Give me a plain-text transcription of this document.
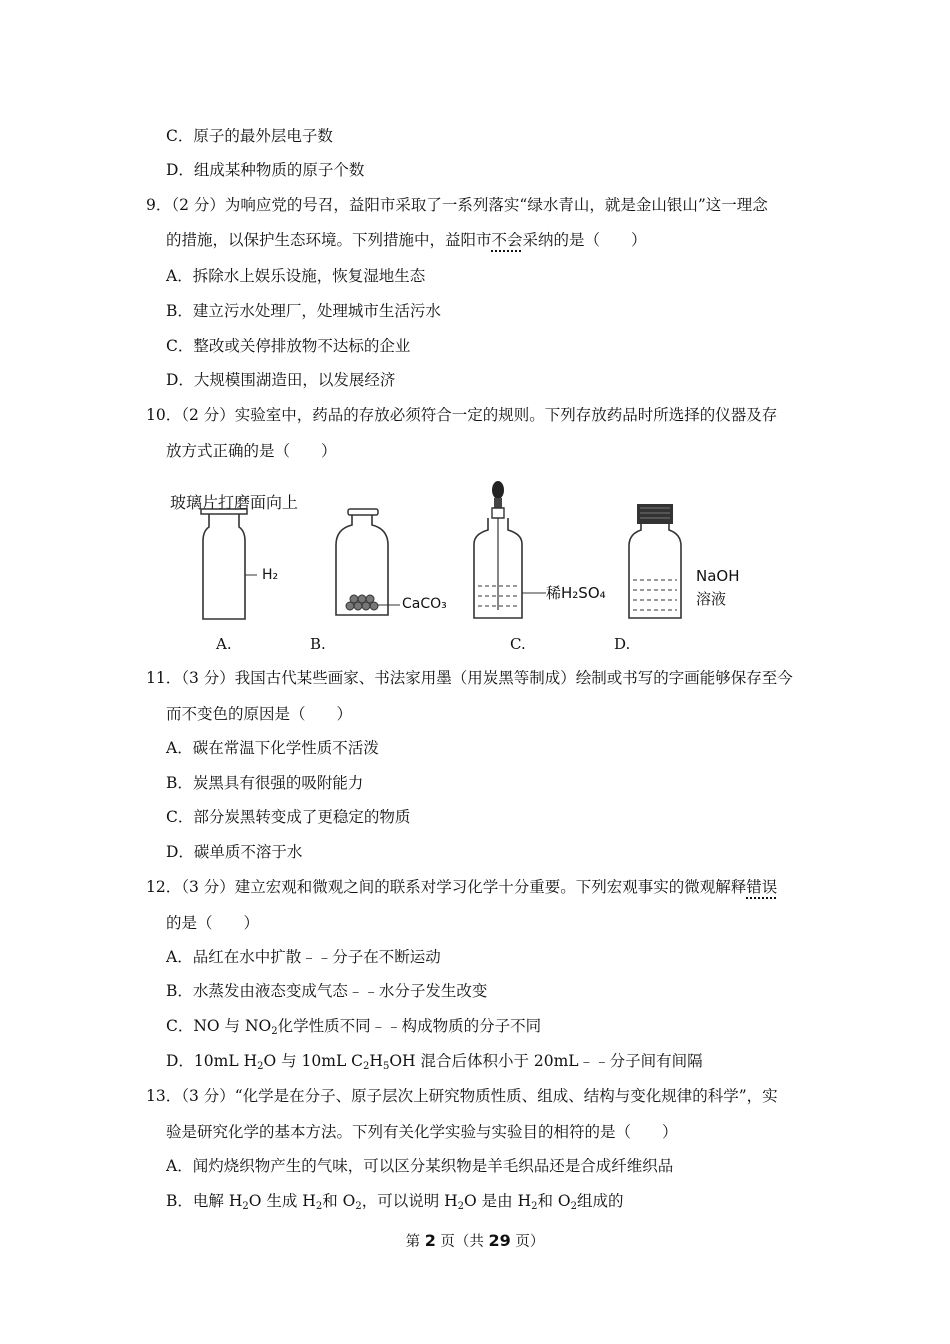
C．原子的最外层电子数
D．组成某种物质的原子个数
9．（2 分）为响应党的号召，益阳市采取了一系列落实“绿水青山，就是金山银山”这一理念
的措施，以保护生态环境。下列措施中，益阳市不会采纳的是（　　）
A．拆除水上娱乐设施，恢复湿地生态
B．建立污水处理厂，处理城市生活污水
C．整改或关停排放物不达标的企业
D．大规模围湖造田，以发展经济
10．（2 分）实验室中，药品的存放必须符合一定的规则。下列存放药品时所选择的仪器及存
放方式正确的是（　　）
玻璃片打磨面向上
H₂
CaCO₃
稀H₂SO₄
NaOH
溶液
A.	B.	C.	D.
11．（3 分）我国古代某些画家、书法家用墨（用炭黑等制成）绘制或书写的字画能够保存至今
而不变色的原因是（　　）
A．碳在常温下化学性质不活泼
B．炭黑具有很强的吸附能力
C．部分炭黑转变成了更稳定的物质
D．碳单质不溶于水
12．（3 分）建立宏观和微观之间的联系对学习化学十分重要。下列宏观事实的微观解释错误
的是（　　）
A．品红在水中扩散﹣﹣分子在不断运动
B．水蒸发由液态变成气态﹣﹣水分子发生改变
C．NO 与 $NO_2$化学性质不同﹣﹣构成物质的分子不同
D．10mL $H_2O$ 与 10mL $C_2H_5OH$ 混合后体积小于 20mL﹣﹣分子间有间隔
13．（3 分）“化学是在分子、原子层次上研究物质性质、组成、结构与变化规律的科学”，实
验是研究化学的基本方法。下列有关化学实验与实验目的相符的是（　　）
A．闻灼烧织物产生的气味，可以区分某织物是羊毛织品还是合成纤维织品
B．电解 $H_2O$ 生成 $H_2$和 $O_2$，可以说明 $H_2O$ 是由 $H_2$和 $O_2$组成的
第 2 页（共 29 页）
